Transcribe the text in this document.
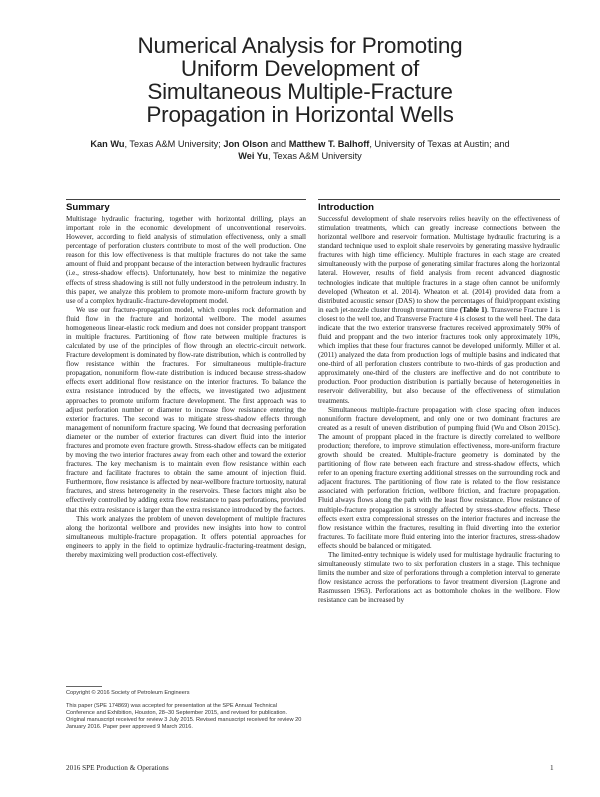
Numerical Analysis for Promoting
Uniform Development of
Simultaneous Multiple-Fracture
Propagation in Horizontal Wells
Kan Wu, Texas A&M University; Jon Olson and Matthew T. Balhoff, University of Texas at Austin; and
Wei Yu, Texas A&M University
Summary

Multistage hydraulic fracturing, together with horizontal drilling, plays an important role in the economic development of unconventional reservoirs. However, according to field analysis of stimulation effectiveness, only a small percentage of perforation clusters contribute to most of the well production. One reason for this low effectiveness is that multiple fractures do not take the same amount of fluid and proppant because of the interaction between hydraulic fractures (i.e., stress-shadow effects). Unfortunately, how best to minimize the negative effects of stress shadowing is still not fully understood in the petroleum industry. In this paper, we analyze this problem to promote more-uniform fracture growth by use of a complex hydraulic-fracture-development model.

We use our fracture-propagation model, which couples rock deformation and fluid flow in the fracture and horizontal wellbore. The model assumes homogeneous linear-elastic rock medium and does not consider proppant transport in multiple fractures. Partitioning of flow rate between multiple fractures is calculated by use of the principles of flow through an electric-circuit network. Fracture development is dominated by flow-rate distribution, which is controlled by flow resistance within the fractures. For simultaneous multiple-fracture propagation, nonuniform flow-rate distribution is induced because stress-shadow effects exert additional flow resistance on the interior fractures. To balance the extra resistance introduced by the effects, we investigated two adjustment approaches to promote uniform fracture development. The first approach was to adjust perforation number or diameter to increase flow resistance entering the exterior fractures. The second was to mitigate stress-shadow effects through management of nonuniform fracture spacing. We found that decreasing perforation diameter or the number of exterior fractures can divert fluid into the interior fractures and promote even fracture growth. Stress-shadow effects can be mitigated by moving the two interior fractures away from each other and toward the exterior fractures. The key mechanism is to maintain even flow resistance within each fracture and facilitate fractures to obtain the same amount of injection fluid. Furthermore, flow resistance is affected by near-wellbore fracture tortuosity, natural fractures, and stress heterogeneity in the reservoirs. These factors might also be effectively controlled by adding extra flow resistance to pass perforations, provided that this extra resistance is larger than the extra resistance introduced by the factors.

This work analyzes the problem of uneven development of multiple fractures along the horizontal wellbore and provides new insights into how to control simultaneous multiple-fracture propagation. It offers potential approaches for engineers to apply in the field to optimize hydraulic-fracturing-treatment design, thereby maximizing well production cost-effectively.

Copyright © 2016 Society of Petroleum Engineers
This paper (SPE 174869) was accepted for presentation at the SPE Annual Technical Conference and Exhibition, Houston, 28–30 September 2015, and revised for publication. Original manuscript received for review 3 July 2015. Revised manuscript received for review 20 January 2016. Paper peer approved 9 March 2016.
Introduction

Successful development of shale reservoirs relies heavily on the effectiveness of stimulation treatments, which can greatly increase connections between the horizontal wellbore and reservoir formation. Multistage hydraulic fracturing is a standard technique used to exploit shale reservoirs by generating massive hydraulic fractures with high time efficiency. Multiple fractures in each stage are created simultaneously with the purpose of generating similar fractures along the horizontal lateral. However, results of field analysis from recent advanced diagnostic technologies indicate that multiple fractures in a stage often cannot be uniformly developed (Wheaton et al. 2014). Wheaton et al. (2014) provided data from a distributed acoustic sensor (DAS) to show the percentages of fluid/proppant existing in each jet-nozzle cluster through treatment time (Table 1). Transverse Fracture 1 is closest to the well toe, and Transverse Fracture 4 is closest to the well heel. The data indicate that the two exterior transverse fractures received approximately 90% of fluid and proppant and the two interior fractures took only approximately 10%, which implies that these four fractures cannot be developed uniformly. Miller et al. (2011) analyzed the data from production logs of multiple basins and indicated that one-third of all perforation clusters contribute to two-thirds of gas production and approximately one-third of the clusters are ineffective and do not contribute to production. Poor production distribution is partially because of heterogeneities in reservoir deliverability, but also because of the effectiveness of stimulation treatments.

Simultaneous multiple-fracture propagation with close spacing often induces nonuniform fracture development, and only one or two dominant fractures are created as a result of uneven distribution of pumping fluid (Wu and Olson 2015c). The amount of proppant placed in the fracture is directly correlated to wellbore production; therefore, to improve stimulation effectiveness, more-uniform fracture growth should be created. Multiple-fracture geometry is dominated by the partitioning of flow rate between each fracture and stress-shadow effects, which refer to an opening fracture exerting additional stresses on the surrounding rock and adjacent fractures. The partitioning of flow rate is related to the flow resistance associated with perforation friction, wellbore friction, and fracture propagation. Fluid always flows along the path with the least flow resistance. Flow resistance of multiple-fracture propagation is strongly affected by stress-shadow effects. These effects exert extra compressional stresses on the interior fractures and increase the flow resistance within the fractures, resulting in fluid diverting into the exterior fractures. To facilitate more fluid entering into the interior fractures, stress-shadow effects should be balanced or mitigated.

The limited-entry technique is widely used for multistage hydraulic fracturing to simultaneously stimulate two to six perforation clusters in a stage. This technique limits the number and size of perforations through a completion interval to generate flow resistance across the perforations to favor treatment diversion (Lagrone and Rasmussen 1963). Perforations act as bottomhole chokes in the wellbore. Flow resistance can be increased by

2016 SPE Production & Operations	1
